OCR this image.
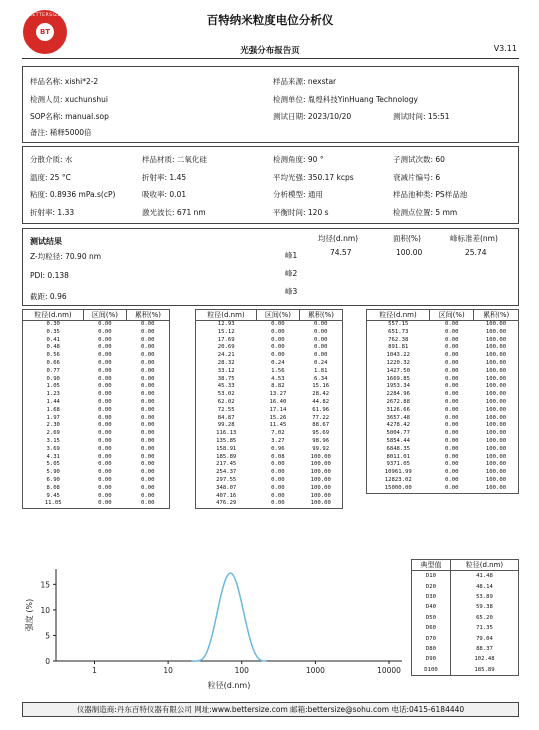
BETTERSIZE
BT
百特纳米粒度电位分析仪
光强分布报告页	V3.11
样品名称: xishi*2-2	样品来源: nexstar
检测人员: xuchunshui	检测单位: 胤煌科技YinHuang Technology
SOP名称: manual.sop	测试日期: 2023/10/20	测试时间: 15:51
备注: 稀释5000倍
分散介质: 水	样品材质: 二氧化硅	检测角度: 90 °	子测试次数: 60
温度: 25 °C	折射率: 1.45	平均光强: 350.17 kcps	衰减片编号: 6
粘度: 0.8936 mPa.s(cP)	吸收率: 0.01	分析模型: 通用	样品池种类: PS样品池
折射率: 1.33	激光波长: 671 nm	平衡时间: 120 s	检测点位置: 5 mm
测试结果
Z-均粒径: 70.90 nm
PDI: 0.138
截距: 0.96
均径(d.nm)	面积(%)	峰标准差(nm)
峰1	74.57	100.00	25.74
峰2
峰3
粒径(d.nm)	区间(%)	累积(%)
0.30	0.00	0.00
0.35	0.00	0.00
0.41	0.00	0.00
0.48	0.00	0.00
0.56	0.00	0.00
0.66	0.00	0.00
0.77	0.00	0.00
0.90	0.00	0.00
1.05	0.00	0.00
1.23	0.00	0.00
1.44	0.00	0.00
1.68	0.00	0.00
1.97	0.00	0.00
2.30	0.00	0.00
2.69	0.00	0.00
3.15	0.00	0.00
3.69	0.00	0.00
4.31	0.00	0.00
5.05	0.00	0.00
5.90	0.00	0.00
6.90	0.00	0.00
8.08	0.00	0.00
9.45	0.00	0.00
11.05	0.00	0.00
粒径(d.nm)	区间(%)	累积(%)
12.93	0.00	0.00
15.12	0.00	0.00
17.69	0.00	0.00
20.69	0.00	0.00
24.21	0.00	0.00
28.32	0.24	0.24
33.12	1.56	1.81
38.75	4.53	6.34
45.33	8.82	15.16
53.02	13.27	28.42
62.02	16.40	44.82
72.55	17.14	61.96
84.87	15.26	77.22
99.28	11.45	88.67
116.13	7.02	95.69
135.85	3.27	98.96
158.91	0.96	99.92
185.89	0.08	100.00
217.45	0.00	100.00
254.37	0.00	100.00
297.55	0.00	100.00
348.07	0.00	100.00
407.16	0.00	100.00
476.29	0.00	100.00
粒径(d.nm)	区间(%)	累积(%)
557.15	0.00	100.00
651.73	0.00	100.00
762.38	0.00	100.00
891.81	0.00	100.00
1043.22	0.00	100.00
1220.32	0.00	100.00
1427.50	0.00	100.00
1669.85	0.00	100.00
1953.34	0.00	100.00
2284.96	0.00	100.00
2672.88	0.00	100.00
3126.66	0.00	100.00
3657.48	0.00	100.00
4278.42	0.00	100.00
5004.77	0.00	100.00
5854.44	0.00	100.00
6848.35	0.00	100.00
8011.01	0.00	100.00
9371.05	0.00	100.00
10961.99	0.00	100.00
12823.02	0.00	100.00
15000.00	0.00	100.00
0
5
10
15
1	10	100	1000	10000
粒径(d.nm)
强度 (%)
典型值	粒径(d.nm)
D10	41.48
D20	48.14
D30	53.89
D40	59.38
D50	65.20
D60	71.35
D70	79.04
D80	88.37
D90	102.48
D100	185.89
仪器制造商:丹东百特仪器有限公司 网址:www.bettersize.com 邮箱:bettersize@sohu.com 电话:0415-6184440
